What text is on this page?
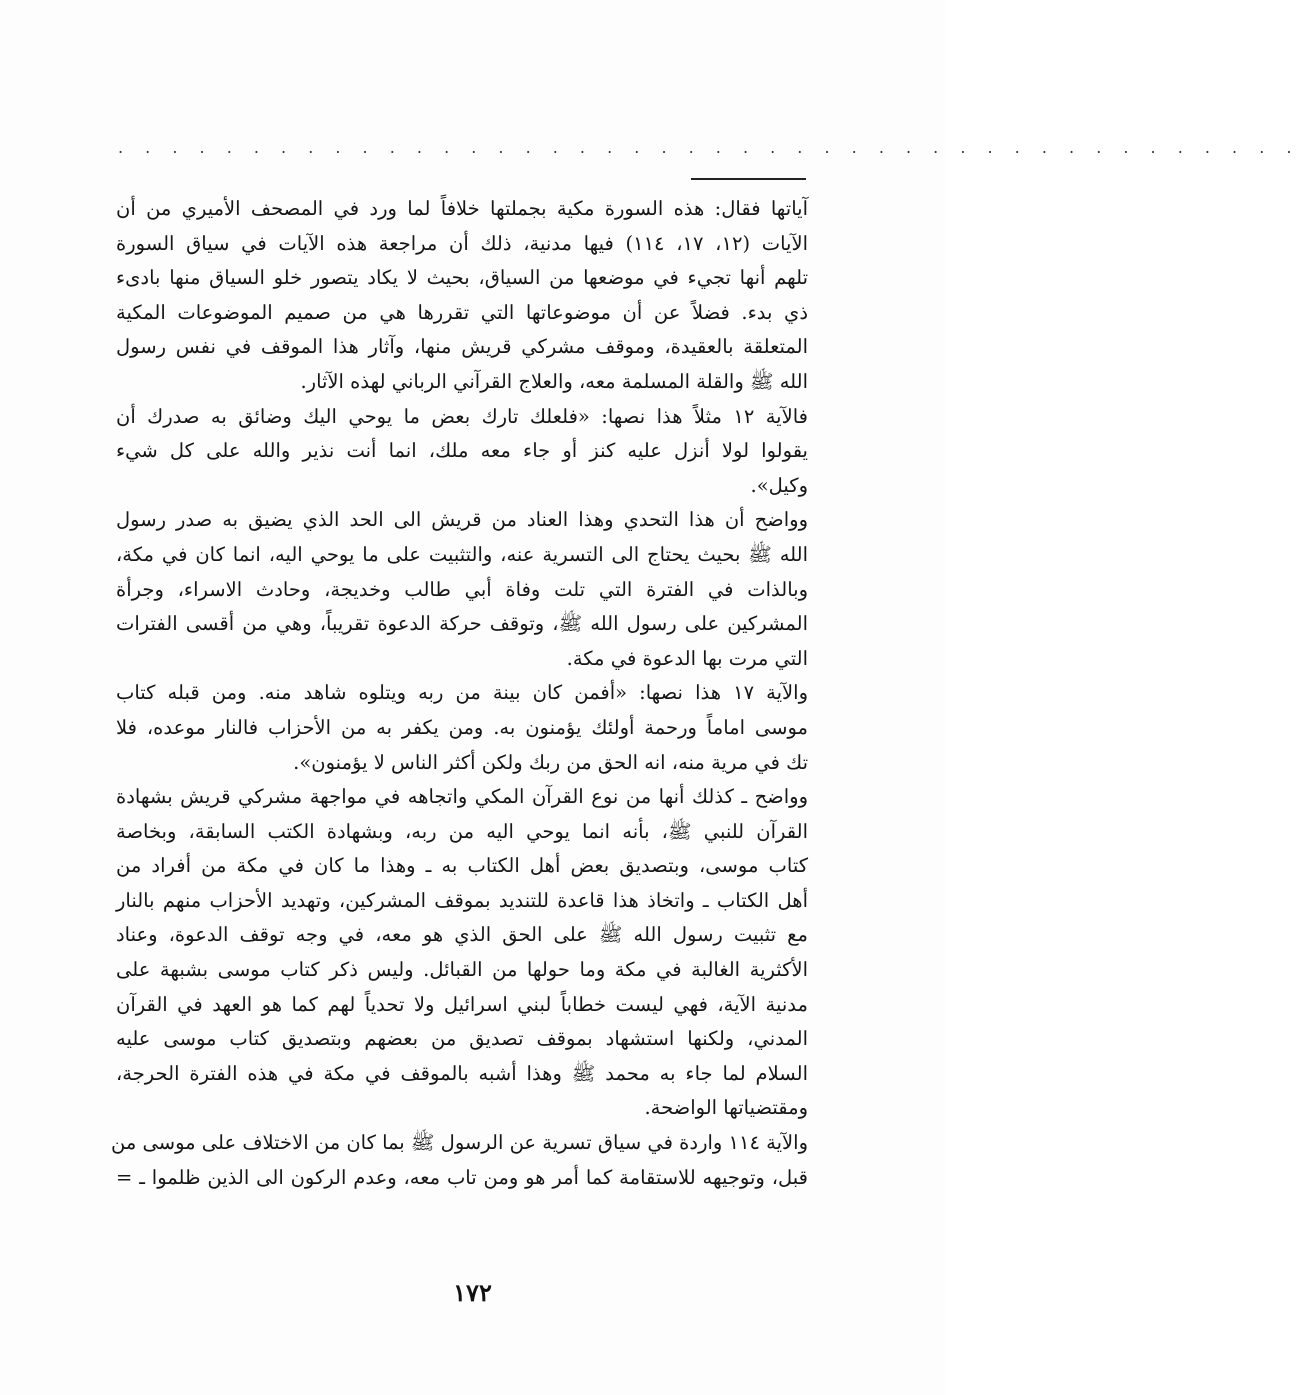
. . . . . . . . . . . . . . . . . . . . . . . . . . . . . . . . . . . . . . . . . . . .
آياتها فقال: هذه السورة مكية بجملتها خلافاً لما ورد في المصحف الأميري من أن
الآيات (١٢، ١٧، ١١٤) فيها مدنية، ذلك أن مراجعة هذه الآيات في سياق السورة
تلهم أنها تجيء في موضعها من السياق، بحيث لا يكاد يتصور خلو السياق منها بادىء
ذي بدء. فضلاً عن أن موضوعاتها التي تقررها هي من صميم الموضوعات المكية
المتعلقة بالعقيدة، وموقف مشركي قريش منها، وآثار هذا الموقف في نفس رسول
الله ﷺ والقلة المسلمة معه، والعلاج القرآني الرباني لهذه الآثار.
فالآية ١٢ مثلاً هذا نصها: «فلعلك تارك بعض ما يوحي اليك وضائق به صدرك أن
يقولوا لولا أنزل عليه كنز أو جاء معه ملك، انما أنت نذير والله على كل شيء
وكيل».
وواضح أن هذا التحدي وهذا العناد من قريش الى الحد الذي يضيق به صدر رسول
الله ﷺ بحيث يحتاج الى التسرية عنه، والتثبيت على ما يوحي اليه، انما كان في مكة،
وبالذات في الفترة التي تلت وفاة أبي طالب وخديجة، وحادث الاسراء، وجرأة
المشركين على رسول الله ﷺ، وتوقف حركة الدعوة تقريباً، وهي من أقسى الفترات
التي مرت بها الدعوة في مكة.
والآية ١٧ هذا نصها: «أفمن كان بينة من ربه ويتلوه شاهد منه. ومن قبله كتاب
موسى اماماً ورحمة أولئك يؤمنون به. ومن يكفر به من الأحزاب فالنار موعده، فلا
تك في مرية منه، انه الحق من ربك ولكن أكثر الناس لا يؤمنون».
وواضح ـ كذلك أنها من نوع القرآن المكي واتجاهه في مواجهة مشركي قريش بشهادة
القرآن للنبي ﷺ، بأنه انما يوحي اليه من ربه، وبشهادة الكتب السابقة، وبخاصة
كتاب موسى، وبتصديق بعض أهل الكتاب به ـ وهذا ما كان في مكة من أفراد من
أهل الكتاب ـ واتخاذ هذا قاعدة للتنديد بموقف المشركين، وتهديد الأحزاب منهم بالنار
مع تثبيت رسول الله ﷺ على الحق الذي هو معه، في وجه توقف الدعوة، وعناد
الأكثرية الغالبة في مكة وما حولها من القبائل. وليس ذكر كتاب موسى بشبهة على
مدنية الآية، فهي ليست خطاباً لبني اسرائيل ولا تحدياً لهم كما هو العهد في القرآن
المدني، ولكنها استشهاد بموقف تصديق من بعضهم وبتصديق كتاب موسى عليه
السلام لما جاء به محمد ﷺ وهذا أشبه بالموقف في مكة في هذه الفترة الحرجة،
ومقتضياتها الواضحة.
والآية ١١٤ واردة في سياق تسرية عن الرسول ﷺ بما كان من الاختلاف على موسى من
قبل، وتوجيهه للاستقامة كما أمر هو ومن تاب معه، وعدم الركون الى الذين ظلموا ـ =
١٧٢
